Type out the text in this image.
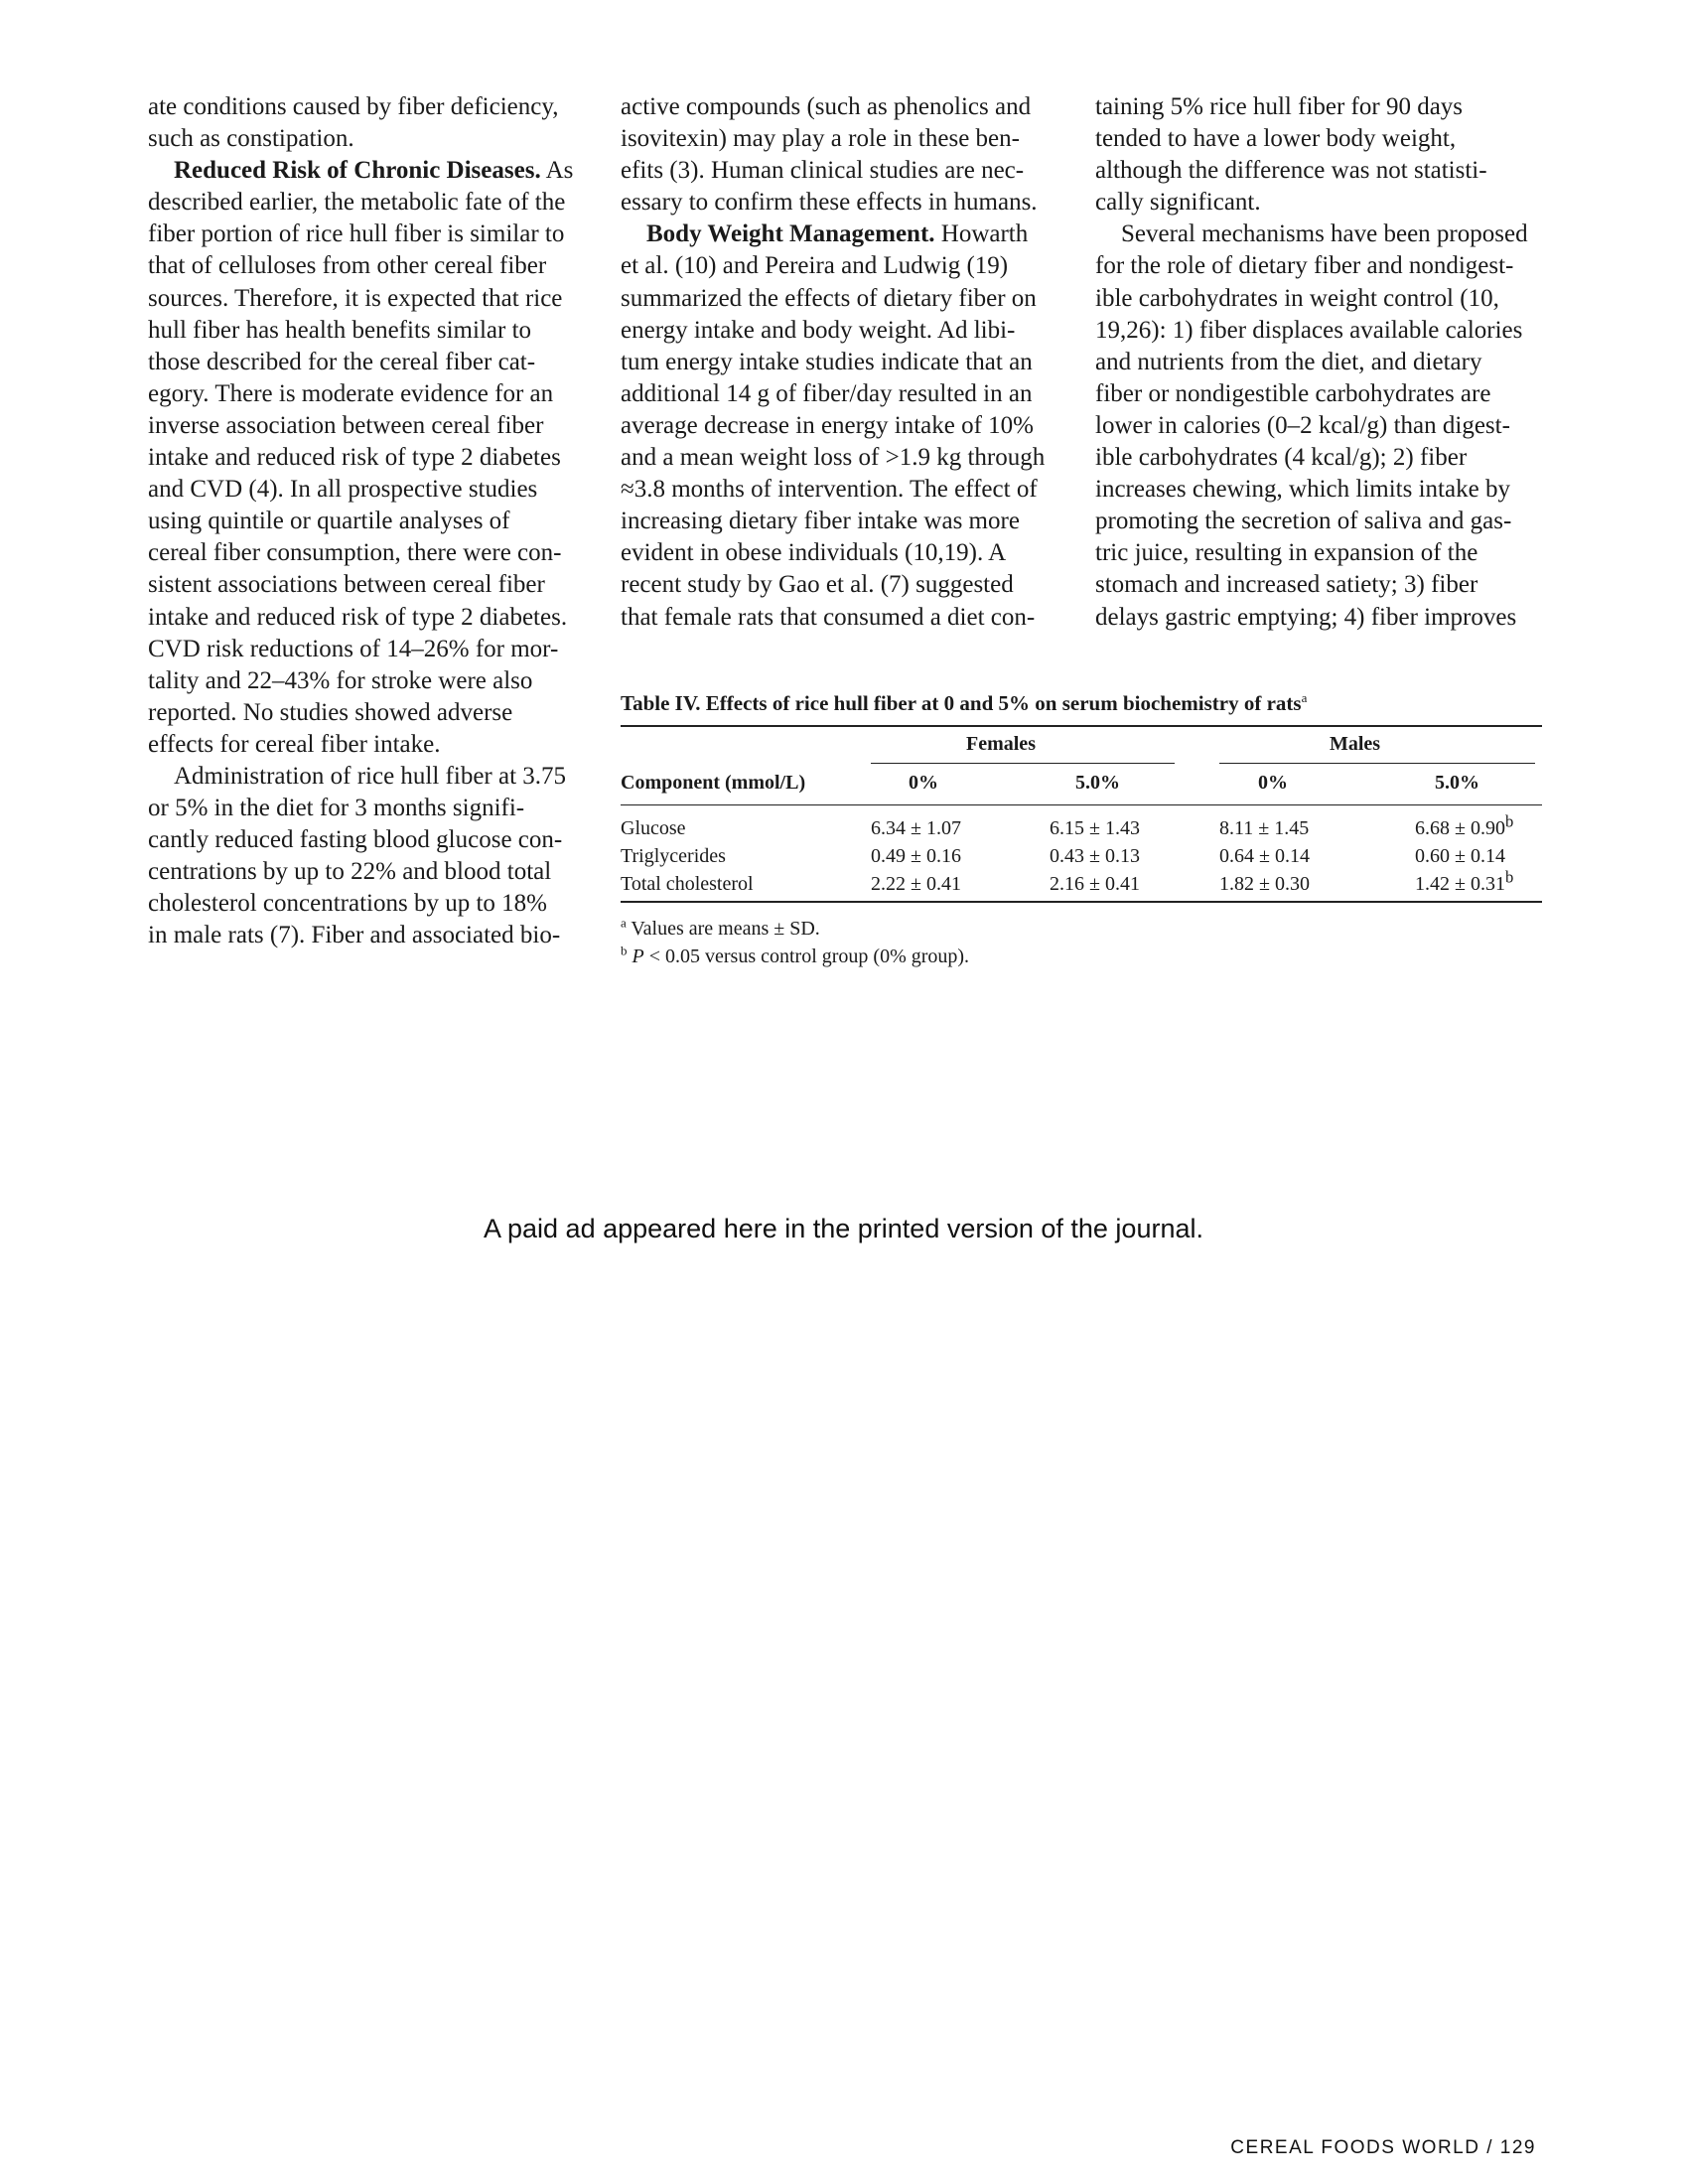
ate conditions caused by fiber deficiency,
such as constipation.

Reduced Risk of Chronic Diseases. As
described earlier, the metabolic fate of the
fiber portion of rice hull fiber is similar to
that of celluloses from other cereal fiber
sources. Therefore, it is expected that rice
hull fiber has health benefits similar to
those described for the cereal fiber cat-
egory. There is moderate evidence for an
inverse association between cereal fiber
intake and reduced risk of type 2 diabetes
and CVD (4). In all prospective studies
using quintile or quartile analyses of
cereal fiber consumption, there were con-
sistent associations between cereal fiber
intake and reduced risk of type 2 diabetes.
CVD risk reductions of 14–26% for mor-
tality and 22–43% for stroke were also
reported. No studies showed adverse
effects for cereal fiber intake.

Administration of rice hull fiber at 3.75
or 5% in the diet for 3 months signifi-
cantly reduced fasting blood glucose con-
centrations by up to 22% and blood total
cholesterol concentrations by up to 18%
in male rats (7). Fiber and associated bio-

active compounds (such as phenolics and
isovitexin) may play a role in these ben-
efits (3). Human clinical studies are nec-
essary to confirm these effects in humans.

Body Weight Management. Howarth
et al. (10) and Pereira and Ludwig (19)
summarized the effects of dietary fiber on
energy intake and body weight. Ad libi-
tum energy intake studies indicate that an
additional 14 g of fiber/day resulted in an
average decrease in energy intake of 10%
and a mean weight loss of >1.9 kg through
≈3.8 months of intervention. The effect of
increasing dietary fiber intake was more
evident in obese individuals (10,19). A
recent study by Gao et al. (7) suggested
that female rats that consumed a diet con-

taining 5% rice hull fiber for 90 days
tended to have a lower body weight,
although the difference was not statisti-
cally significant.

Several mechanisms have been proposed
for the role of dietary fiber and nondigest-
ible carbohydrates in weight control (10,
19,26): 1) fiber displaces available calories
and nutrients from the diet, and dietary
fiber or nondigestible carbohydrates are
lower in calories (0–2 kcal/g) than digest-
ible carbohydrates (4 kcal/g); 2) fiber
increases chewing, which limits intake by
promoting the secretion of saliva and gas-
tric juice, resulting in expansion of the
stomach and increased satiety; 3) fiber
delays gastric emptying; 4) fiber improves

Table IV. Effects of rice hull fiber at 0 and 5% on serum biochemistry of rats$^a$
Females	Males
Component (mmol/L)	0%	5.0%	0%	5.0%
Glucose	6.34 ± 1.07	6.15 ± 1.43	8.11 ± 1.45	6.68 ± 0.90$^b$
Triglycerides	0.49 ± 0.16	0.43 ± 0.13	0.64 ± 0.14	0.60 ± 0.14
Total cholesterol	2.22 ± 0.41	2.16 ± 0.41	1.82 ± 0.30	1.42 ± 0.31$^b$
$^a$ Values are means ± SD.
$^b$ P < 0.05 versus control group (0% group).
A paid ad appeared here in the printed version of the journal.
CEREAL FOODS WORLD / 129
